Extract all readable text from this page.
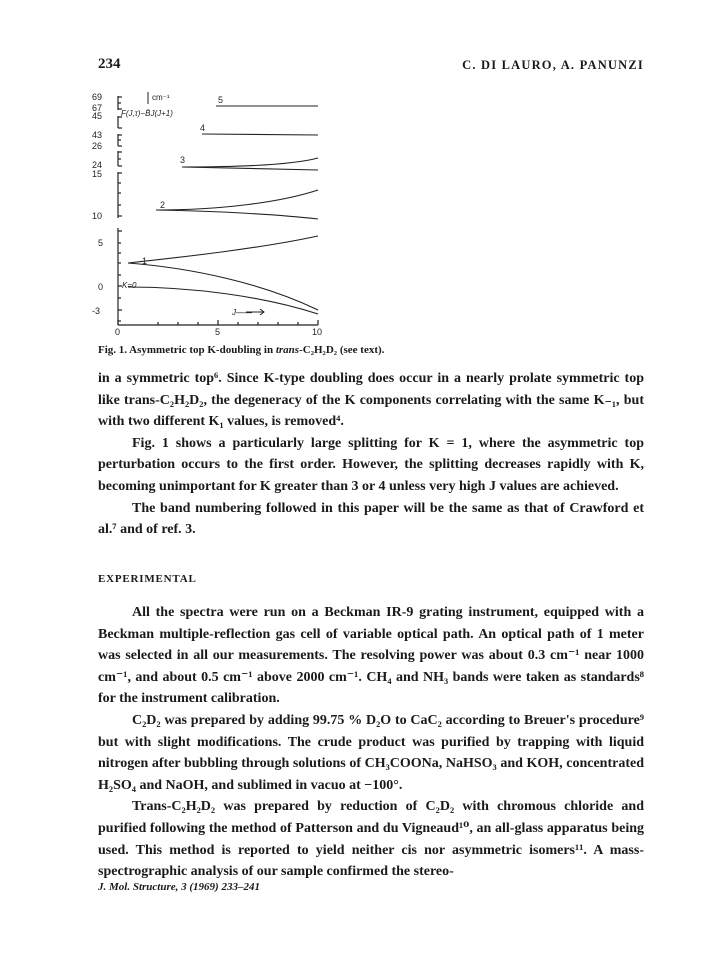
234	C. DI LAURO, A. PANUNZI
69
67
45
43
26
24
15
10
5
0
-3
0	5	10
cm⁻¹
F(J,τ)−B̄J(J+1)
K=0
1
2
3
4
5
J——
Fig. 1. Asymmetric top K-doubling in trans-C₂H₂D₂ (see text).

in a symmetric top⁶. Since K-type doubling does occur in a nearly prolate symmetric top like trans-C₂H₂D₂, the degeneracy of the K components correlating with the same K₋₁, but with two different K₁ values, is removed⁴.

Fig. 1 shows a particularly large splitting for K = 1, where the asymmetric top perturbation occurs to the first order. However, the splitting decreases rapidly with K, becoming unimportant for K greater than 3 or 4 unless very high J values are achieved.

The band numbering followed in this paper will be the same as that of Crawford et al.⁷ and of ref. 3.

EXPERIMENTAL

All the spectra were run on a Beckman IR-9 grating instrument, equipped with a Beckman multiple-reflection gas cell of variable optical path. An optical path of 1 meter was selected in all our measurements. The resolving power was about 0.3 cm⁻¹ near 1000 cm⁻¹, and about 0.5 cm⁻¹ above 2000 cm⁻¹. CH₄ and NH₃ bands were taken as standards⁸ for the instrument calibration.

C₂D₂ was prepared by adding 99.75 % D₂O to CaC₂ according to Breuer's procedure⁹ but with slight modifications. The crude product was purified by trapping with liquid nitrogen after bubbling through solutions of CH₃COONa, NaHSO₃ and KOH, concentrated H₂SO₄ and NaOH, and sublimed in vacuo at −100°.

Trans-C₂H₂D₂ was prepared by reduction of C₂D₂ with chromous chloride and purified following the method of Patterson and du Vigneaud¹⁰, an all-glass apparatus being used. This method is reported to yield neither cis nor asymmetric isomers¹¹. A mass-spectrographic analysis of our sample confirmed the stereo-

J. Mol. Structure, 3 (1969) 233–241
